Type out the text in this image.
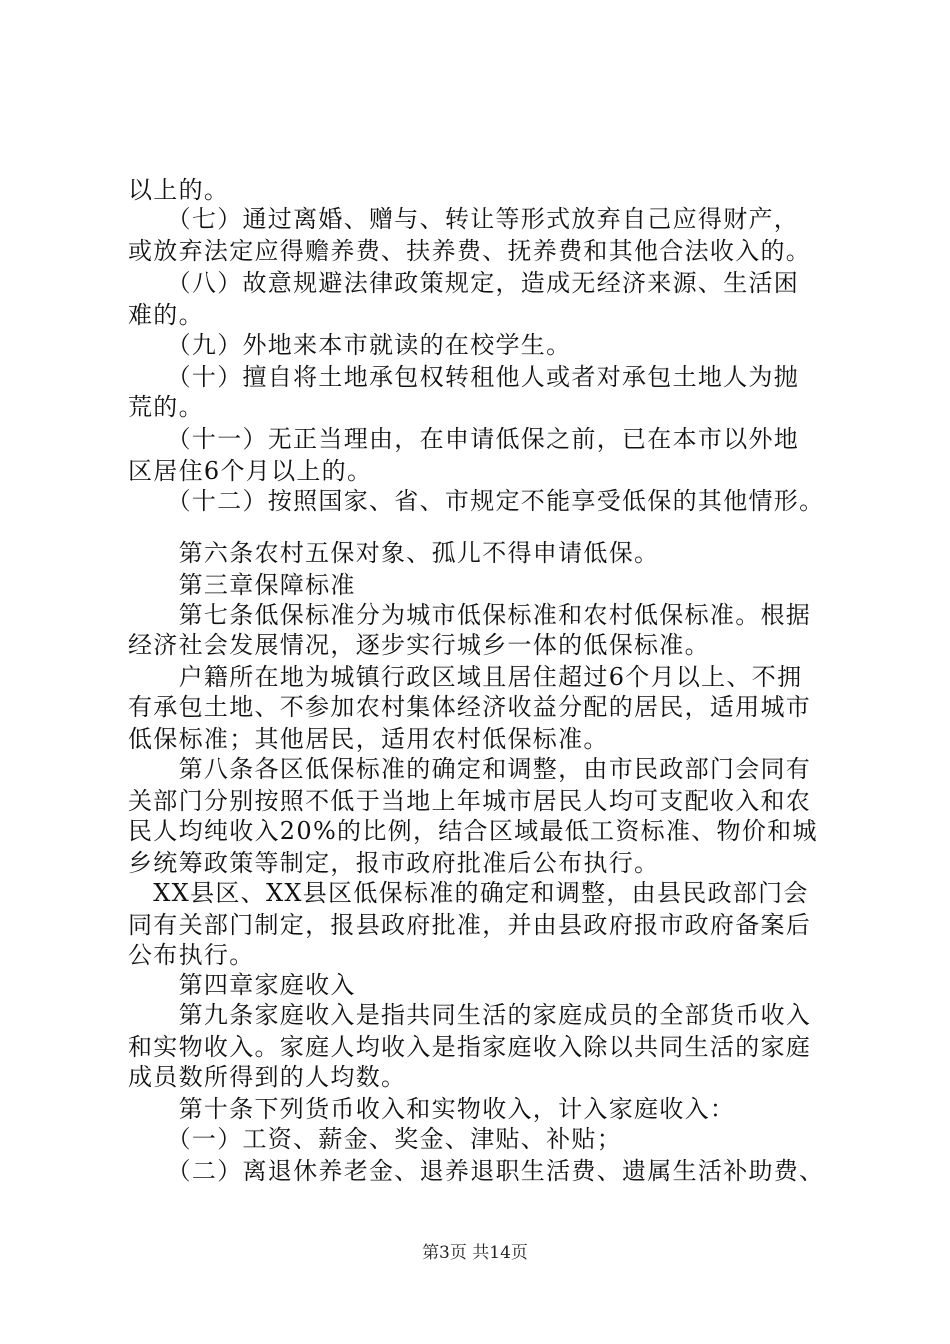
以上的。
　　（七）通过离婚、赠与、转让等形式放弃自己应得财产，
或放弃法定应得赡养费、扶养费、抚养费和其他合法收入的。
　　（八）故意规避法律政策规定，造成无经济来源、生活困
难的。
　　（九）外地来本市就读的在校学生。
　　（十）擅自将土地承包权转租他人或者对承包土地人为抛
荒的。
　　（十一）无正当理由，在申请低保之前，已在本市以外地
区居住6个月以上的。
　　（十二）按照国家、省、市规定不能享受低保的其他情形。
　　第六条农村五保对象、孤儿不得申请低保。
　　第三章保障标准
　　第七条低保标准分为城市低保标准和农村低保标准。根据
经济社会发展情况，逐步实行城乡一体的低保标准。
　　户籍所在地为城镇行政区域且居住超过6个月以上、不拥
有承包土地、不参加农村集体经济收益分配的居民，适用城市
低保标准；其他居民，适用农村低保标准。
　　第八条各区低保标准的确定和调整，由市民政部门会同有
关部门分别按照不低于当地上年城市居民人均可支配收入和农
民人均纯收入20%的比例，结合区域最低工资标准、物价和城
乡统筹政策等制定，报市政府批准后公布执行。
　XX县区、XX县区低保标准的确定和调整，由县民政部门会
同有关部门制定，报县政府批准，并由县政府报市政府备案后
公布执行。
　　第四章家庭收入
　　第九条家庭收入是指共同生活的家庭成员的全部货币收入
和实物收入。家庭人均收入是指家庭收入除以共同生活的家庭
成员数所得到的人均数。
　　第十条下列货币收入和实物收入，计入家庭收入：
　　（一）工资、薪金、奖金、津贴、补贴；
　　（二）离退休养老金、退养退职生活费、遗属生活补助费、
第3页 共14页
